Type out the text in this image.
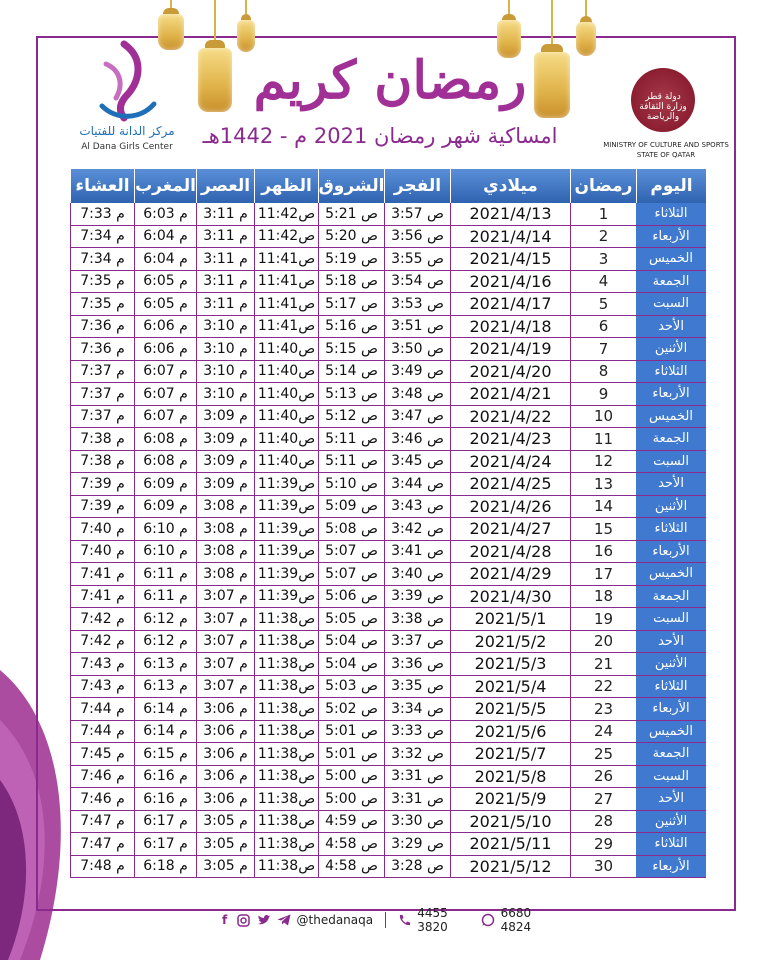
مركز الدانة للفتيات
Al Dana Girls Center
دولة قطر وزارة الثقافة والرياضة
MINISTRY OF CULTURE AND SPORTS
STATE OF QATAR
رمضان كريم
امساكية شهر رمضان 2021 م - 1442هـ
اليوم
رمضان
ميلادي
الفجر
الشروق
الظهر
العصر
المغرب
العشاء
الثلاثاء
1
2021/4/13
3:57 ص
5:21 ص
11:42ص
3:11 م
6:03 م
7:33 م
الأربعاء
2
2021/4/14
3:56 ص
5:20 ص
11:42ص
3:11 م
6:04 م
7:34 م
الخميس
3
2021/4/15
3:55 ص
5:19 ص
11:41ص
3:11 م
6:04 م
7:34 م
الجمعة
4
2021/4/16
3:54 ص
5:18 ص
11:41ص
3:11 م
6:05 م
7:35 م
السبت
5
2021/4/17
3:53 ص
5:17 ص
11:41ص
3:11 م
6:05 م
7:35 م
الأحد
6
2021/4/18
3:51 ص
5:16 ص
11:41ص
3:10 م
6:06 م
7:36 م
الأثنين
7
2021/4/19
3:50 ص
5:15 ص
11:40ص
3:10 م
6:06 م
7:36 م
الثلاثاء
8
2021/4/20
3:49 ص
5:14 ص
11:40ص
3:10 م
6:07 م
7:37 م
الأربعاء
9
2021/4/21
3:48 ص
5:13 ص
11:40ص
3:10 م
6:07 م
7:37 م
الخميس
10
2021/4/22
3:47 ص
5:12 ص
11:40ص
3:09 م
6:07 م
7:37 م
الجمعة
11
2021/4/23
3:46 ص
5:11 ص
11:40ص
3:09 م
6:08 م
7:38 م
السبت
12
2021/4/24
3:45 ص
5:11 ص
11:40ص
3:09 م
6:08 م
7:38 م
الأحد
13
2021/4/25
3:44 ص
5:10 ص
11:39ص
3:09 م
6:09 م
7:39 م
الأثنين
14
2021/4/26
3:43 ص
5:09 ص
11:39ص
3:08 م
6:09 م
7:39 م
الثلاثاء
15
2021/4/27
3:42 ص
5:08 ص
11:39ص
3:08 م
6:10 م
7:40 م
الأربعاء
16
2021/4/28
3:41 ص
5:07 ص
11:39ص
3:08 م
6:10 م
7:40 م
الخميس
17
2021/4/29
3:40 ص
5:07 ص
11:39ص
3:08 م
6:11 م
7:41 م
الجمعة
18
2021/4/30
3:39 ص
5:06 ص
11:39ص
3:07 م
6:11 م
7:41 م
السبت
19
2021/5/1
3:38 ص
5:05 ص
11:38ص
3:07 م
6:12 م
7:42 م
الأحد
20
2021/5/2
3:37 ص
5:04 ص
11:38ص
3:07 م
6:12 م
7:42 م
الأثنين
21
2021/5/3
3:36 ص
5:04 ص
11:38ص
3:07 م
6:13 م
7:43 م
الثلاثاء
22
2021/5/4
3:35 ص
5:03 ص
11:38ص
3:07 م
6:13 م
7:43 م
الأربعاء
23
2021/5/5
3:34 ص
5:02 ص
11:38ص
3:06 م
6:14 م
7:44 م
الخميس
24
2021/5/6
3:33 ص
5:01 ص
11:38ص
3:06 م
6:14 م
7:44 م
الجمعة
25
2021/5/7
3:32 ص
5:01 ص
11:38ص
3:06 م
6:15 م
7:45 م
السبت
26
2021/5/8
3:31 ص
5:00 ص
11:38ص
3:06 م
6:16 م
7:46 م
الأحد
27
2021/5/9
3:31 ص
5:00 ص
11:38ص
3:06 م
6:16 م
7:46 م
الأثنين
28
2021/5/10
3:30 ص
4:59 ص
11:38ص
3:05 م
6:17 م
7:47 م
الثلاثاء
29
2021/5/11
3:29 ص
4:58 ص
11:38ص
3:05 م
6:17 م
7:47 م
الأربعاء
30
2021/5/12
3:28 ص
4:58 ص
11:38ص
3:05 م
6:18 م
7:48 م
f	@thedanaqa	4455 3820
6680 4824
